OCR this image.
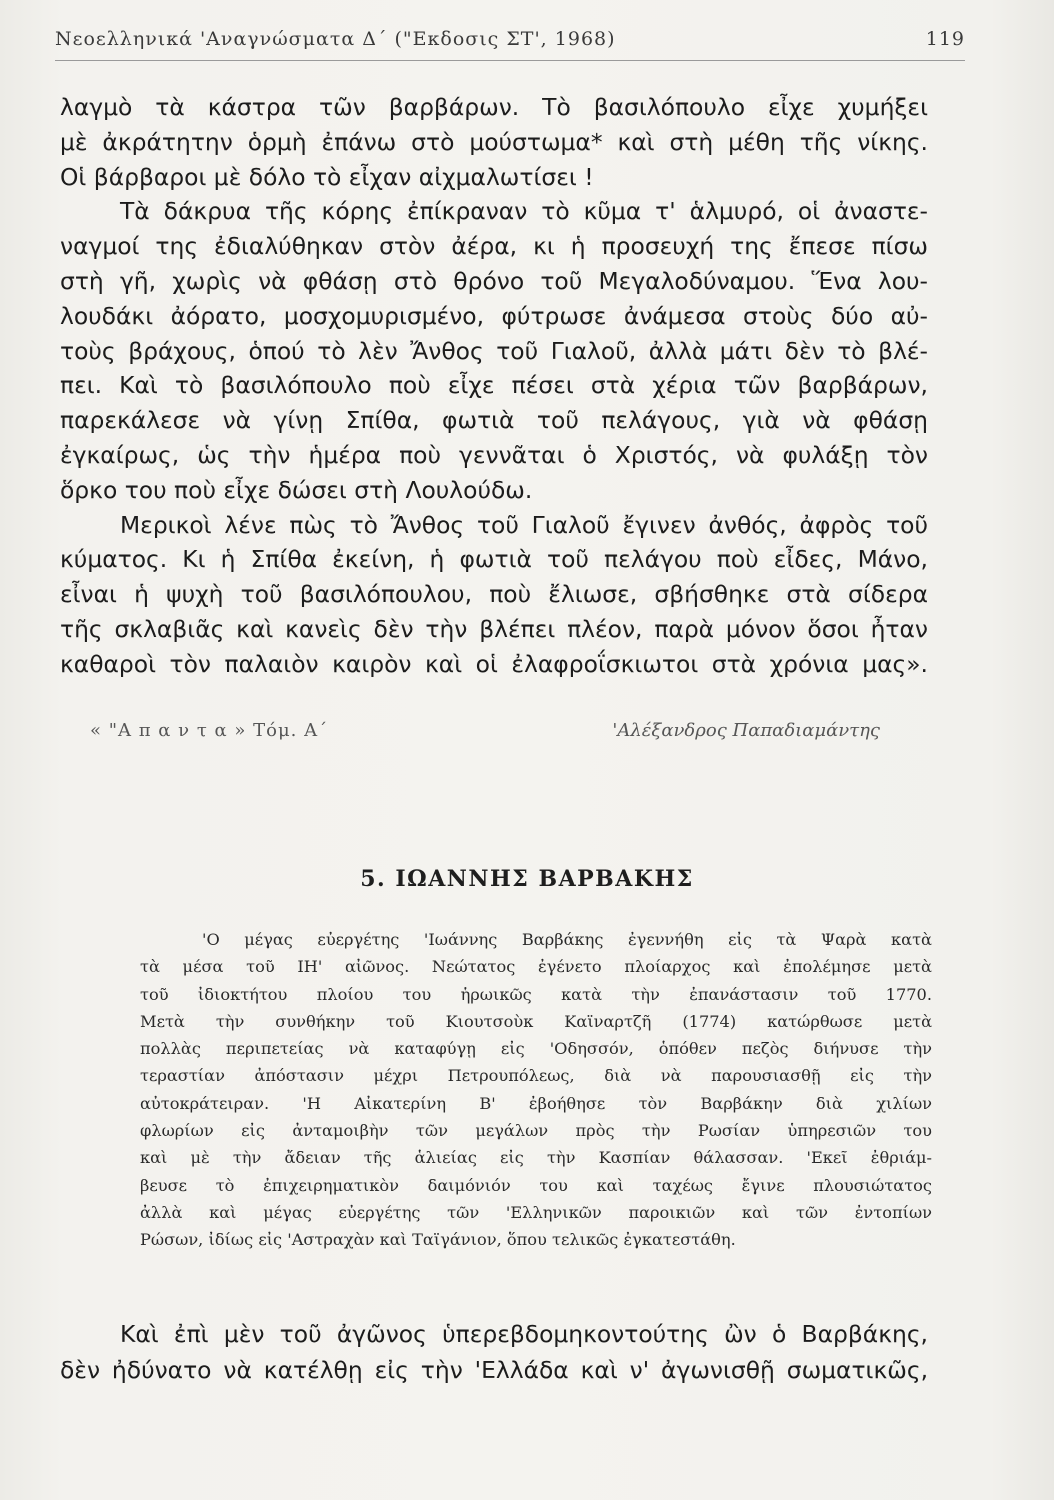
Νεοελληνικά 'Αναγνώσματα Δ΄ ("Εκδοσις ΣΤ', 1968)	119
λαγμὸ τὰ κάστρα τῶν βαρβάρων. Τὸ βασιλόπουλο εἶχε χυμήξει
μὲ ἀκράτητην ὁρμὴ ἐπάνω στὸ μούστωμα* καὶ στὴ μέθη τῆς νίκης.
Οἱ βάρβαροι μὲ δόλο τὸ εἶχαν αἰχμαλωτίσει !
Τὰ δάκρυα τῆς κόρης ἐπίκραναν τὸ κῦμα τ' ἁλμυρό, οἱ ἀναστε-
ναγμοί της ἐδιαλύθηκαν στὸν ἀέρα, κι ἡ προσευχή της ἔπεσε πίσω
στὴ γῆ, χωρὶς νὰ φθάσῃ στὸ θρόνο τοῦ Μεγαλοδύναμου. Ἕνα λου-
λουδάκι ἀόρατο, μοσχομυρισμένο, φύτρωσε ἀνάμεσα στοὺς δύο αὐ-
τοὺς βράχους, ὁπού τὸ λὲν Ἄνθος τοῦ Γιαλοῦ, ἀλλὰ μάτι δὲν τὸ βλέ-
πει. Καὶ τὸ βασιλόπουλο ποὺ εἶχε πέσει στὰ χέρια τῶν βαρβάρων,
παρεκάλεσε νὰ γίνῃ Σπίθα, φωτιὰ τοῦ πελάγους, γιὰ νὰ φθάσῃ
ἐγκαίρως, ὡς τὴν ἡμέρα ποὺ γεννᾶται ὁ Χριστός, νὰ φυλάξῃ τὸν
ὅρκο του ποὺ εἶχε δώσει στὴ Λουλούδω.
Μερικοὶ λένε πὼς τὸ Ἄνθος τοῦ Γιαλοῦ ἔγινεν ἀνθός, ἀφρὸς τοῦ
κύματος. Κι ἡ Σπίθα ἐκείνη, ἡ φωτιὰ τοῦ πελάγου ποὺ εἶδες, Μάνο,
εἶναι ἡ ψυχὴ τοῦ βασιλόπουλου, ποὺ ἔλιωσε, σβήσθηκε στὰ σίδερα
τῆς σκλαβιᾶς καὶ κανεὶς δὲν τὴν βλέπει πλέον, παρὰ μόνον ὅσοι ἦταν
καθαροὶ τὸν παλαιὸν καιρὸν καὶ οἱ ἐλαφροΐσκιωτοι στὰ χρόνια μας».
« "Α π α ν τ α » Τόμ. Α΄	'Αλέξανδρος Παπαδιαμάντης
5. ΙΩΑΝΝΗΣ ΒΑΡΒΑΚΗΣ
'Ο μέγας εὐεργέτης 'Ιωάννης Βαρβάκης ἐγεννήθη εἰς τὰ Ψαρὰ κατὰ
τὰ μέσα τοῦ ΙΗ' αἰῶνος. Νεώτατος ἐγένετο πλοίαρχος καὶ ἐπολέμησε μετὰ
τοῦ ἰδιοκτήτου πλοίου του ἡρωικῶς κατὰ τὴν ἐπανάστασιν τοῦ 1770.
Μετὰ τὴν συνθήκην τοῦ Κιουτσοὺκ Καϊναρτζῆ (1774) κατώρθωσε μετὰ
πολλὰς περιπετείας νὰ καταφύγῃ εἰς 'Οδησσόν, ὁπόθεν πεζὸς διήνυσε τὴν
τεραστίαν ἀπόστασιν μέχρι Πετρουπόλεως, διὰ νὰ παρουσιασθῇ εἰς τὴν
αὐτοκράτειραν. 'Η Αἰκατερίνη Β' ἐβοήθησε τὸν Βαρβάκην διὰ χιλίων
φλωρίων εἰς ἀνταμοιβὴν τῶν μεγάλων πρὸς τὴν Ρωσίαν ὑπηρεσιῶν του
καὶ μὲ τὴν ἄδειαν τῆς ἁλιείας εἰς τὴν Κασπίαν θάλασσαν. 'Εκεῖ ἐθριάμ-
βευσε τὸ ἐπιχειρηματικὸν δαιμόνιόν του καὶ ταχέως ἔγινε πλουσιώτατος
ἀλλὰ καὶ μέγας εὐεργέτης τῶν 'Ελληνικῶν παροικιῶν καὶ τῶν ἐντοπίων
Ρώσων, ἰδίως εἰς 'Αστραχὰν καὶ Ταϊγάνιον, ὅπου τελικῶς ἐγκατεστάθη.
Καὶ ἐπὶ μὲν τοῦ ἀγῶνος ὑπερεβδομηκοντούτης ὢν ὁ Βαρβάκης,
δὲν ἠδύνατο νὰ κατέλθῃ εἰς τὴν 'Ελλάδα καὶ ν' ἀγωνισθῇ σωματικῶς,
